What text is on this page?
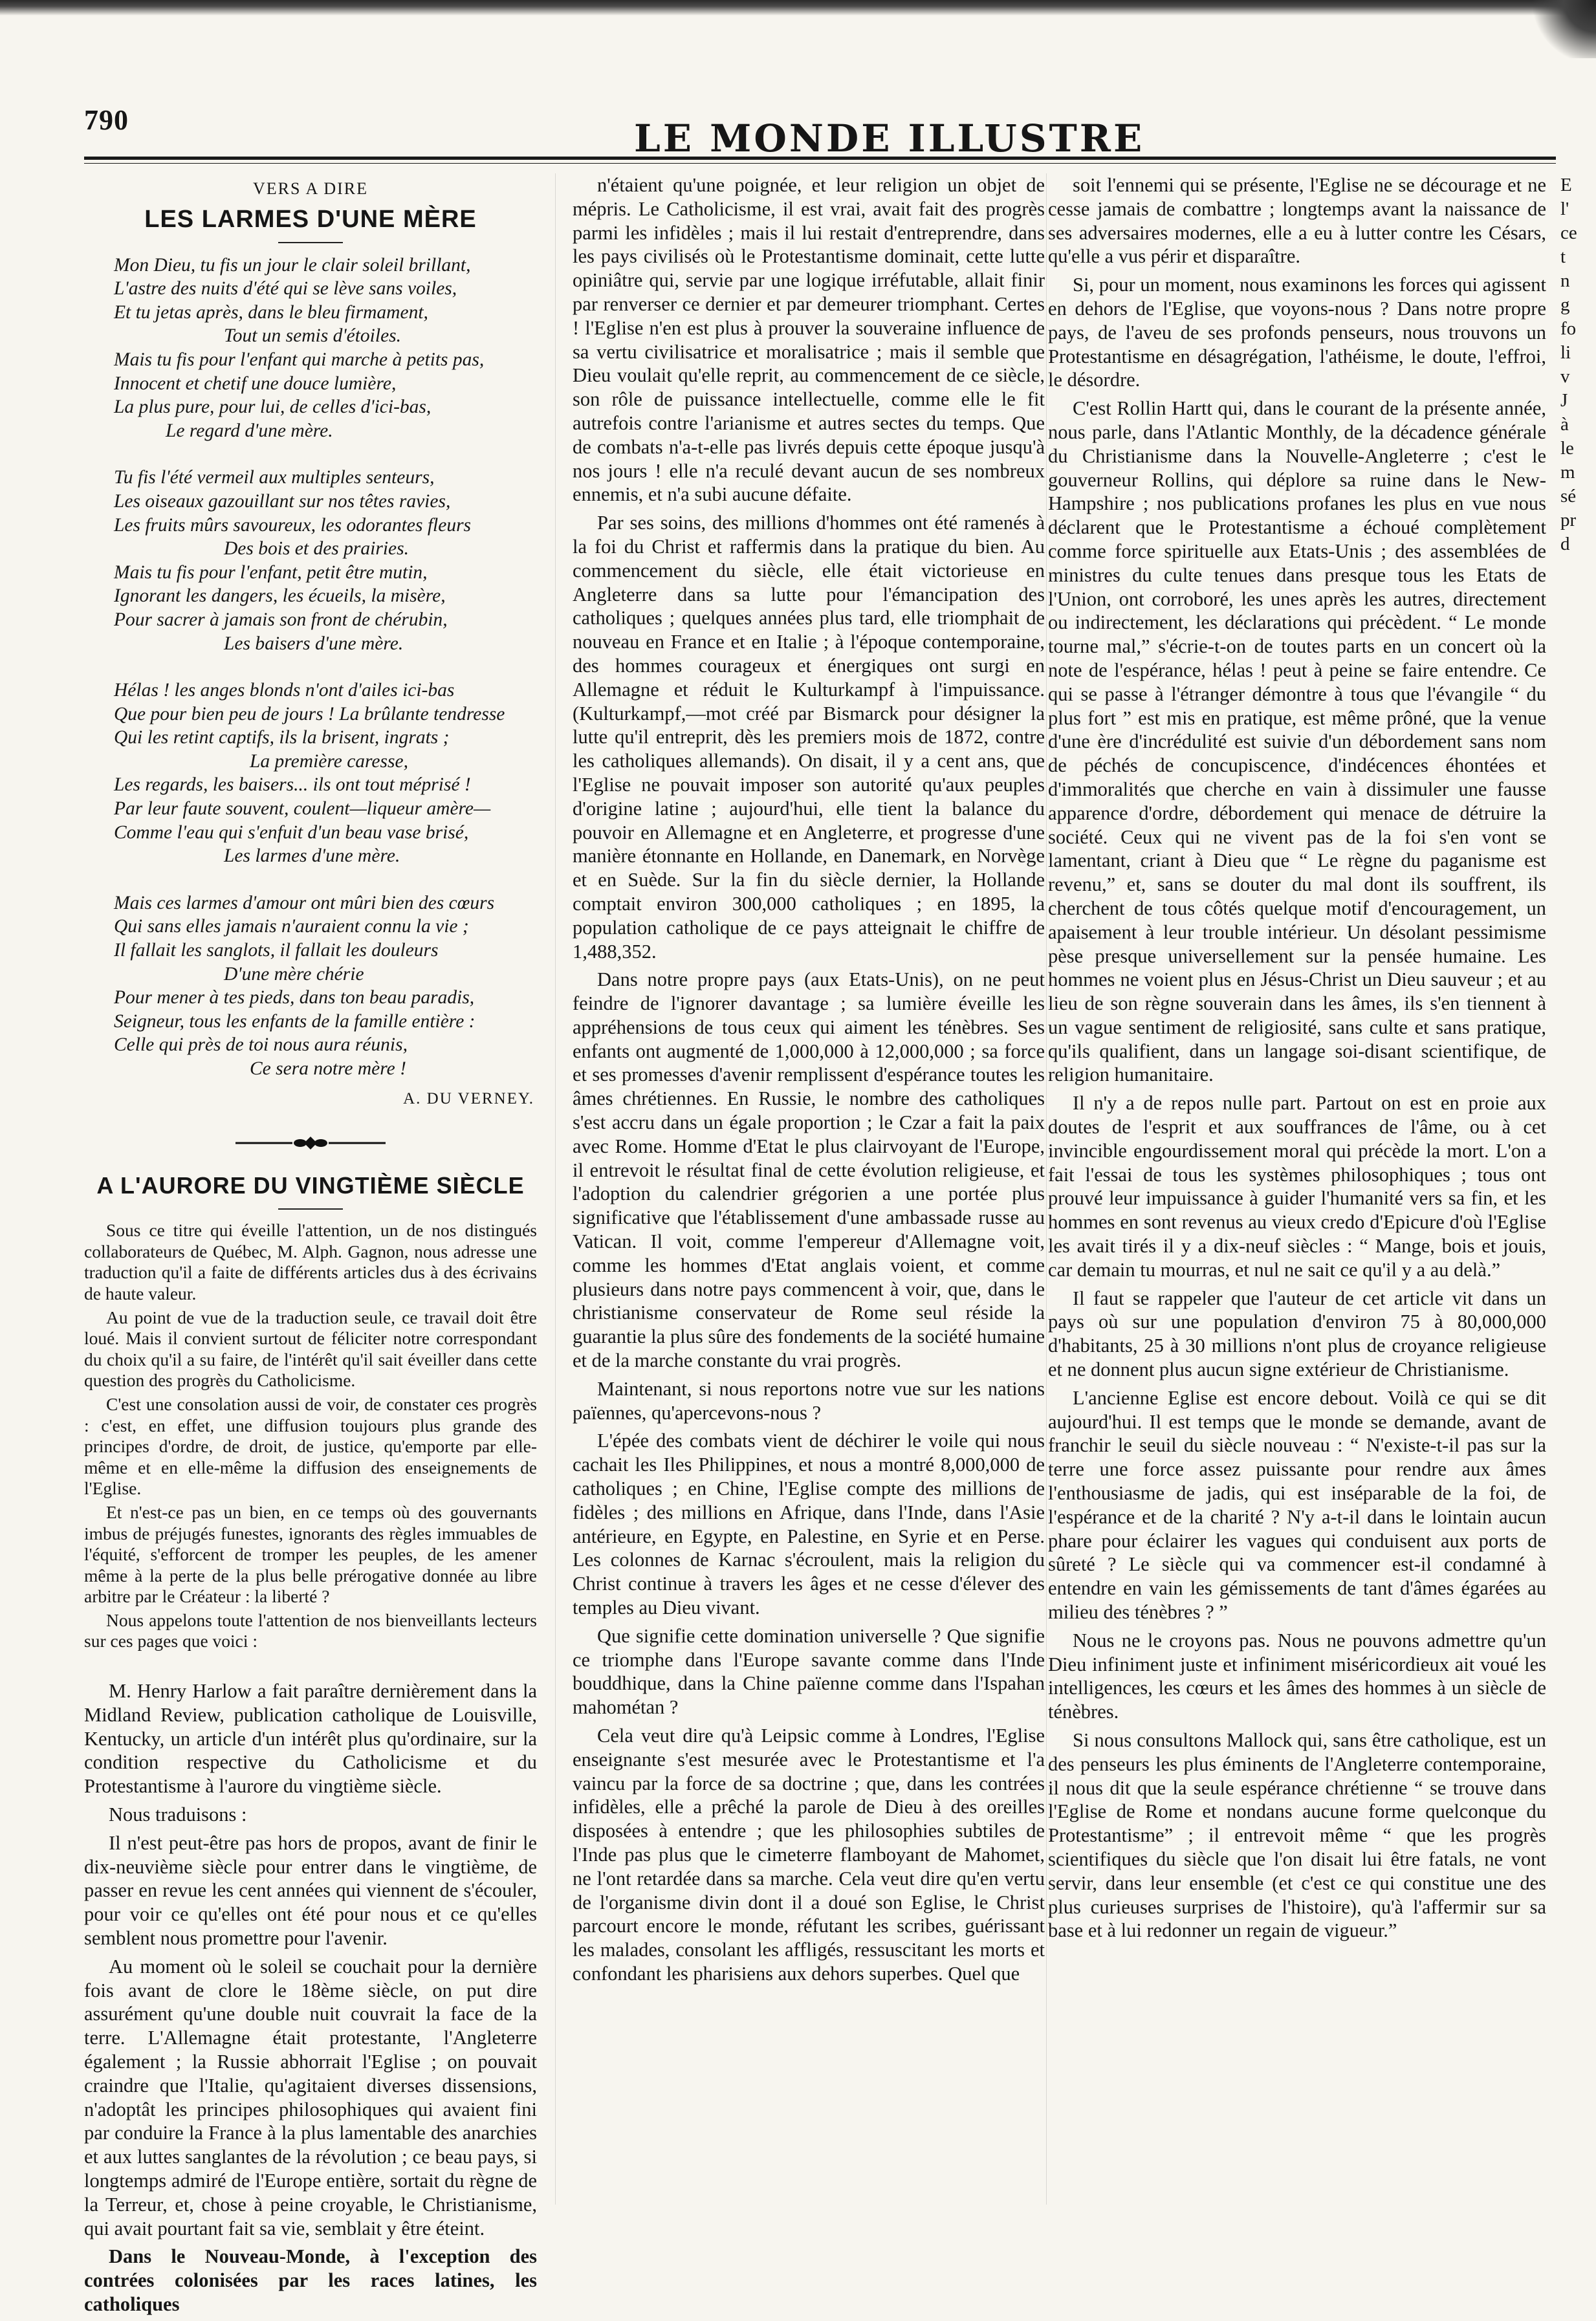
790	LE MONDE ILLUSTRE
VERS A DIRE
LES LARMES D'UNE MÈRE
Mon Dieu, tu fis un jour le clair soleil brillant,
L'astre des nuits d'été qui se lève sans voiles,
Et tu jetas après, dans le bleu firmament,
Tout un semis d'étoiles.
Mais tu fis pour l'enfant qui marche à petits pas,
Innocent et chetif une douce lumière,
La plus pure, pour lui, de celles d'ici-bas,
Le regard d'une mère.
Tu fis l'été vermeil aux multiples senteurs,
Les oiseaux gazouillant sur nos têtes ravies,
Les fruits mûrs savoureux, les odorantes fleurs
Des bois et des prairies.
Mais tu fis pour l'enfant, petit être mutin,
Ignorant les dangers, les écueils, la misère,
Pour sacrer à jamais son front de chérubin,
Les baisers d'une mère.
Hélas ! les anges blonds n'ont d'ailes ici-bas
Que pour bien peu de jours ! La brûlante tendresse
Qui les retint captifs, ils la brisent, ingrats ;
La première caresse,
Les regards, les baisers... ils ont tout méprisé !
Par leur faute souvent, coulent—liqueur amère—
Comme l'eau qui s'enfuit d'un beau vase brisé,
Les larmes d'une mère.
Mais ces larmes d'amour ont mûri bien des cœurs
Qui sans elles jamais n'auraient connu la vie ;
Il fallait les sanglots, il fallait les douleurs
D'une mère chérie
Pour mener à tes pieds, dans ton beau paradis,
Seigneur, tous les enfants de la famille entière :
Celle qui près de toi nous aura réunis,
Ce sera notre mère !
A. DU VERNEY.
A L'AURORE DU VINGTIÈME SIÈCLE

Sous ce titre qui éveille l'attention, un de nos distingués collaborateurs de Québec, M. Alph. Gagnon, nous adresse une traduction qu'il a faite de différents articles dus à des écrivains de haute valeur.

Au point de vue de la traduction seule, ce travail doit être loué. Mais il convient surtout de féliciter notre correspondant du choix qu'il a su faire, de l'intérêt qu'il sait éveiller dans cette question des progrès du Catholicisme.

C'est une consolation aussi de voir, de constater ces progrès : c'est, en effet, une diffusion toujours plus grande des principes d'ordre, de droit, de justice, qu'emporte par elle-même et en elle-même la diffusion des enseignements de l'Eglise.

Et n'est-ce pas un bien, en ce temps où des gouvernants imbus de préjugés funestes, ignorants des règles immuables de l'équité, s'efforcent de tromper les peuples, de les amener même à la perte de la plus belle prérogative donnée au libre arbitre par le Créateur : la liberté ?

Nous appelons toute l'attention de nos bienveillants lecteurs sur ces pages que voici :

M. Henry Harlow a fait paraître dernièrement dans la Midland Review, publication catholique de Louisville, Kentucky, un article d'un intérêt plus qu'ordinaire, sur la condition respective du Catholicisme et du Protestantisme à l'aurore du vingtième siècle.

Nous traduisons :

Il n'est peut-être pas hors de propos, avant de finir le dix-neuvième siècle pour entrer dans le vingtième, de passer en revue les cent années qui viennent de s'écouler, pour voir ce qu'elles ont été pour nous et ce qu'elles semblent nous promettre pour l'avenir.

Au moment où le soleil se couchait pour la dernière fois avant de clore le 18ème siècle, on put dire assurément qu'une double nuit couvrait la face de la terre. L'Allemagne était protestante, l'Angleterre également ; la Russie abhorrait l'Eglise ; on pouvait craindre que l'Italie, qu'agitaient diverses dissensions, n'adoptât les principes philosophiques qui avaient fini par conduire la France à la plus lamentable des anarchies et aux luttes sanglantes de la révolution ; ce beau pays, si longtemps admiré de l'Europe entière, sortait du règne de la Terreur, et, chose à peine croyable, le Christianisme, qui avait pourtant fait sa vie, semblait y être éteint.

Dans le Nouveau-Monde, à l'exception des contrées colonisées par les races latines, les catholiques

n'étaient qu'une poignée, et leur religion un objet de mépris. Le Catholicisme, il est vrai, avait fait des progrès parmi les infidèles ; mais il lui restait d'entreprendre, dans les pays civilisés où le Protestantisme dominait, cette lutte opiniâtre qui, servie par une logique irréfutable, allait finir par renverser ce dernier et par demeurer triomphant. Certes ! l'Eglise n'en est plus à prouver la souveraine influence de sa vertu civilisatrice et moralisatrice ; mais il semble que Dieu voulait qu'elle reprit, au commencement de ce siècle, son rôle de puissance intellectuelle, comme elle le fit autrefois contre l'arianisme et autres sectes du temps. Que de combats n'a-t-elle pas livrés depuis cette époque jusqu'à nos jours ! elle n'a reculé devant aucun de ses nombreux ennemis, et n'a subi aucune défaite.

Par ses soins, des millions d'hommes ont été ramenés à la foi du Christ et raffermis dans la pratique du bien. Au commencement du siècle, elle était victorieuse en Angleterre dans sa lutte pour l'émancipation des catholiques ; quelques années plus tard, elle triomphait de nouveau en France et en Italie ; à l'époque contemporaine, des hommes courageux et énergiques ont surgi en Allemagne et réduit le Kulturkampf à l'impuissance. (Kulturkampf,—mot créé par Bismarck pour désigner la lutte qu'il entreprit, dès les premiers mois de 1872, contre les catholiques allemands). On disait, il y a cent ans, que l'Eglise ne pouvait imposer son autorité qu'aux peuples d'origine latine ; aujourd'hui, elle tient la balance du pouvoir en Allemagne et en Angleterre, et progresse d'une manière étonnante en Hollande, en Danemark, en Norvège et en Suède. Sur la fin du siècle dernier, la Hollande comptait environ 300,000 catholiques ; en 1895, la population catholique de ce pays atteignait le chiffre de 1,488,352.

Dans notre propre pays (aux Etats-Unis), on ne peut feindre de l'ignorer davantage ; sa lumière éveille les appréhensions de tous ceux qui aiment les ténèbres. Ses enfants ont augmenté de 1,000,000 à 12,000,000 ; sa force et ses promesses d'avenir remplissent d'espérance toutes les âmes chrétiennes. En Russie, le nombre des catholiques s'est accru dans un égale proportion ; le Czar a fait la paix avec Rome. Homme d'Etat le plus clairvoyant de l'Europe, il entrevoit le résultat final de cette évolution religieuse, et l'adoption du calendrier grégorien a une portée plus significative que l'établissement d'une ambassade russe au Vatican. Il voit, comme l'empereur d'Allemagne voit, comme les hommes d'Etat anglais voient, et comme plusieurs dans notre pays commencent à voir, que, dans le christianisme conservateur de Rome seul réside la guarantie la plus sûre des fondements de la société humaine et de la marche constante du vrai progrès.

Maintenant, si nous reportons notre vue sur les nations païennes, qu'apercevons-nous ?

L'épée des combats vient de déchirer le voile qui nous cachait les Iles Philippines, et nous a montré 8,000,000 de catholiques ; en Chine, l'Eglise compte des millions de fidèles ; des millions en Afrique, dans l'Inde, dans l'Asie antérieure, en Egypte, en Palestine, en Syrie et en Perse. Les colonnes de Karnac s'écroulent, mais la religion du Christ continue à travers les âges et ne cesse d'élever des temples au Dieu vivant.

Que signifie cette domination universelle ? Que signifie ce triomphe dans l'Europe savante comme dans l'Inde bouddhique, dans la Chine païenne comme dans l'Ispahan mahométan ?

Cela veut dire qu'à Leipsic comme à Londres, l'Eglise enseignante s'est mesurée avec le Protestantisme et l'a vaincu par la force de sa doctrine ; que, dans les contrées infidèles, elle a prêché la parole de Dieu à des oreilles disposées à entendre ; que les philosophies subtiles de l'Inde pas plus que le cimeterre flamboyant de Mahomet, ne l'ont retardée dans sa marche. Cela veut dire qu'en vertu de l'organisme divin dont il a doué son Eglise, le Christ parcourt encore le monde, réfutant les scribes, guérissant les malades, consolant les affligés, ressuscitant les morts et confondant les pharisiens aux dehors superbes. Quel que

soit l'ennemi qui se présente, l'Eglise ne se décourage et ne cesse jamais de combattre ; longtemps avant la naissance de ses adversaires modernes, elle a eu à lutter contre les Césars, qu'elle a vus périr et disparaître.

Si, pour un moment, nous examinons les forces qui agissent en dehors de l'Eglise, que voyons-nous ? Dans notre propre pays, de l'aveu de ses profonds penseurs, nous trouvons un Protestantisme en désagrégation, l'athéisme, le doute, l'effroi, le désordre.

C'est Rollin Hartt qui, dans le courant de la présente année, nous parle, dans l'Atlantic Monthly, de la décadence générale du Christianisme dans la Nouvelle-Angleterre ; c'est le gouverneur Rollins, qui déplore sa ruine dans le New-Hampshire ; nos publications profanes les plus en vue nous déclarent que le Protestantisme a échoué complètement comme force spirituelle aux Etats-Unis ; des assemblées de ministres du culte tenues dans presque tous les Etats de l'Union, ont corroboré, les unes après les autres, directement ou indirectement, les déclarations qui précèdent. “ Le monde tourne mal,” s'écrie-t-on de toutes parts en un concert où la note de l'espérance, hélas ! peut à peine se faire entendre. Ce qui se passe à l'étranger démontre à tous que l'évangile “ du plus fort ” est mis en pratique, est même prôné, que la venue d'une ère d'incrédulité est suivie d'un débordement sans nom de péchés de concupiscence, d'indécences éhontées et d'immoralités que cherche en vain à dissimuler une fausse apparence d'ordre, débordement qui menace de détruire la société. Ceux qui ne vivent pas de la foi s'en vont se lamentant, criant à Dieu que “ Le règne du paganisme est revenu,” et, sans se douter du mal dont ils souffrent, ils cherchent de tous côtés quelque motif d'encouragement, un apaisement à leur trouble intérieur. Un désolant pessimisme pèse presque universellement sur la pensée humaine. Les hommes ne voient plus en Jésus-Christ un Dieu sauveur ; et au lieu de son règne souverain dans les âmes, ils s'en tiennent à un vague sentiment de religiosité, sans culte et sans pratique, qu'ils qualifient, dans un langage soi-disant scientifique, de religion humanitaire.

Il n'y a de repos nulle part. Partout on est en proie aux doutes de l'esprit et aux souffrances de l'âme, ou à cet invincible engourdissement moral qui précède la mort. L'on a fait l'essai de tous les systèmes philosophiques ; tous ont prouvé leur impuissance à guider l'humanité vers sa fin, et les hommes en sont revenus au vieux credo d'Epicure d'où l'Eglise les avait tirés il y a dix-neuf siècles : “ Mange, bois et jouis, car demain tu mourras, et nul ne sait ce qu'il y a au delà.”

Il faut se rappeler que l'auteur de cet article vit dans un pays où sur une population d'environ 75 à 80,000,000 d'habitants, 25 à 30 millions n'ont plus de croyance religieuse et ne donnent plus aucun signe extérieur de Christianisme.

L'ancienne Eglise est encore debout. Voilà ce qui se dit aujourd'hui. Il est temps que le monde se demande, avant de franchir le seuil du siècle nouveau : “ N'existe-t-il pas sur la terre une force assez puissante pour rendre aux âmes l'enthousiasme de jadis, qui est inséparable de la foi, de l'espérance et de la charité ? N'y a-t-il dans le lointain aucun phare pour éclairer les vagues qui conduisent aux ports de sûreté ? Le siècle qui va commencer est-il condamné à entendre en vain les gémissements de tant d'âmes égarées au milieu des ténèbres ? ”

Nous ne le croyons pas. Nous ne pouvons admettre qu'un Dieu infiniment juste et infiniment miséricordieux ait voué les intelligences, les cœurs et les âmes des hommes à un siècle de ténèbres.

Si nous consultons Mallock qui, sans être catholique, est un des penseurs les plus éminents de l'Angleterre contemporaine, il nous dit que la seule espérance chrétienne “ se trouve dans l'Eglise de Rome et nondans aucune forme quelconque du Protestantisme” ; il entrevoit même “ que les progrès scientifiques du siècle que l'on disait lui être fatals, ne vont servir, dans leur ensemble (et c'est ce qui constitue une des plus curieuses surprises de l'histoire), qu'à l'affermir sur sa base et à lui redonner un regain de vigueur.”

E
l'
ce
t
n
g
fo
li
v
J
à
le
m
sé
pr
d
